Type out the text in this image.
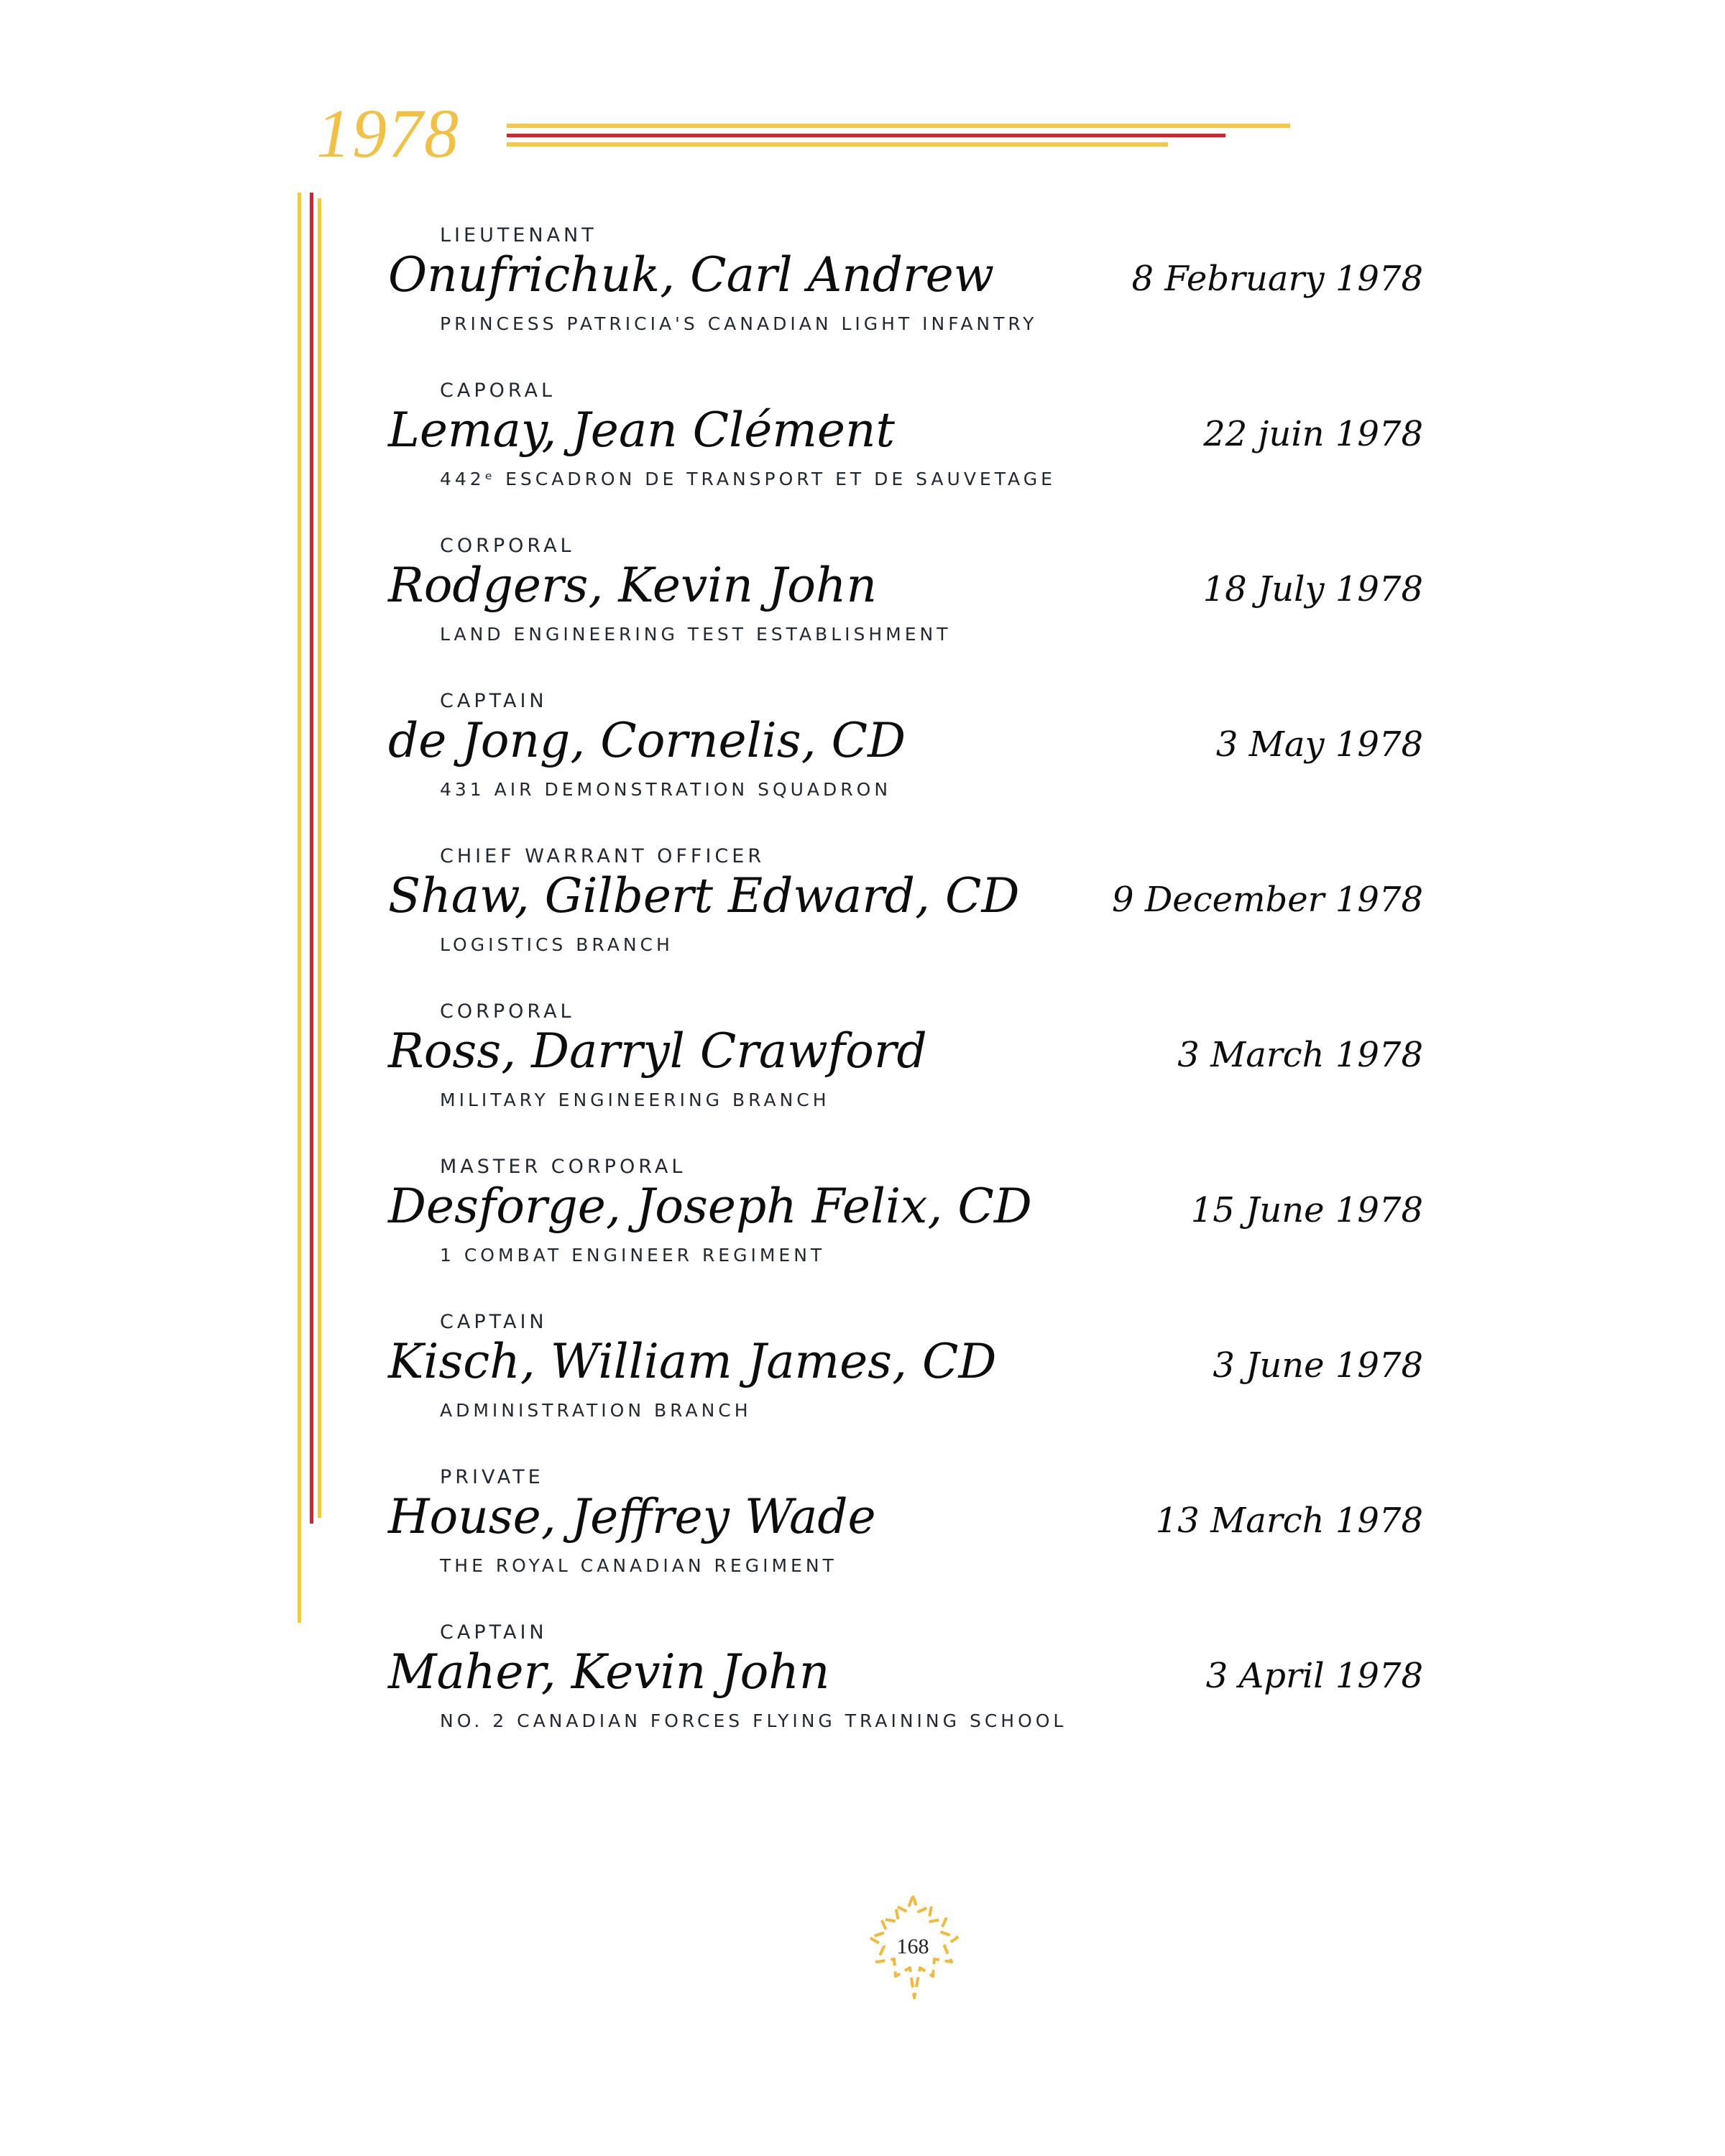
1978
LIEUTENANT
Onufrichuk, Carl Andrew
PRINCESS PATRICIA'S CANADIAN LIGHT INFANTRY
8 February 1978
CAPORAL
Lemay, Jean Clément
442ᵉ ESCADRON DE TRANSPORT ET DE SAUVETAGE
22 juin 1978
CORPORAL
Rodgers, Kevin John
LAND ENGINEERING TEST ESTABLISHMENT
18 July 1978
CAPTAIN
de Jong, Cornelis, CD
431 AIR DEMONSTRATION SQUADRON
3 May 1978
CHIEF WARRANT OFFICER
Shaw, Gilbert Edward, CD
LOGISTICS BRANCH
9 December 1978
CORPORAL
Ross, Darryl Crawford
MILITARY ENGINEERING BRANCH
3 March 1978
MASTER CORPORAL
Desforge, Joseph Felix, CD
1 COMBAT ENGINEER REGIMENT
15 June 1978
CAPTAIN
Kisch, William James, CD
ADMINISTRATION BRANCH
3 June 1978
PRIVATE
House, Jeffrey Wade
THE ROYAL CANADIAN REGIMENT
13 March 1978
CAPTAIN
Maher, Kevin John
NO. 2 CANADIAN FORCES FLYING TRAINING SCHOOL
3 April 1978
168
